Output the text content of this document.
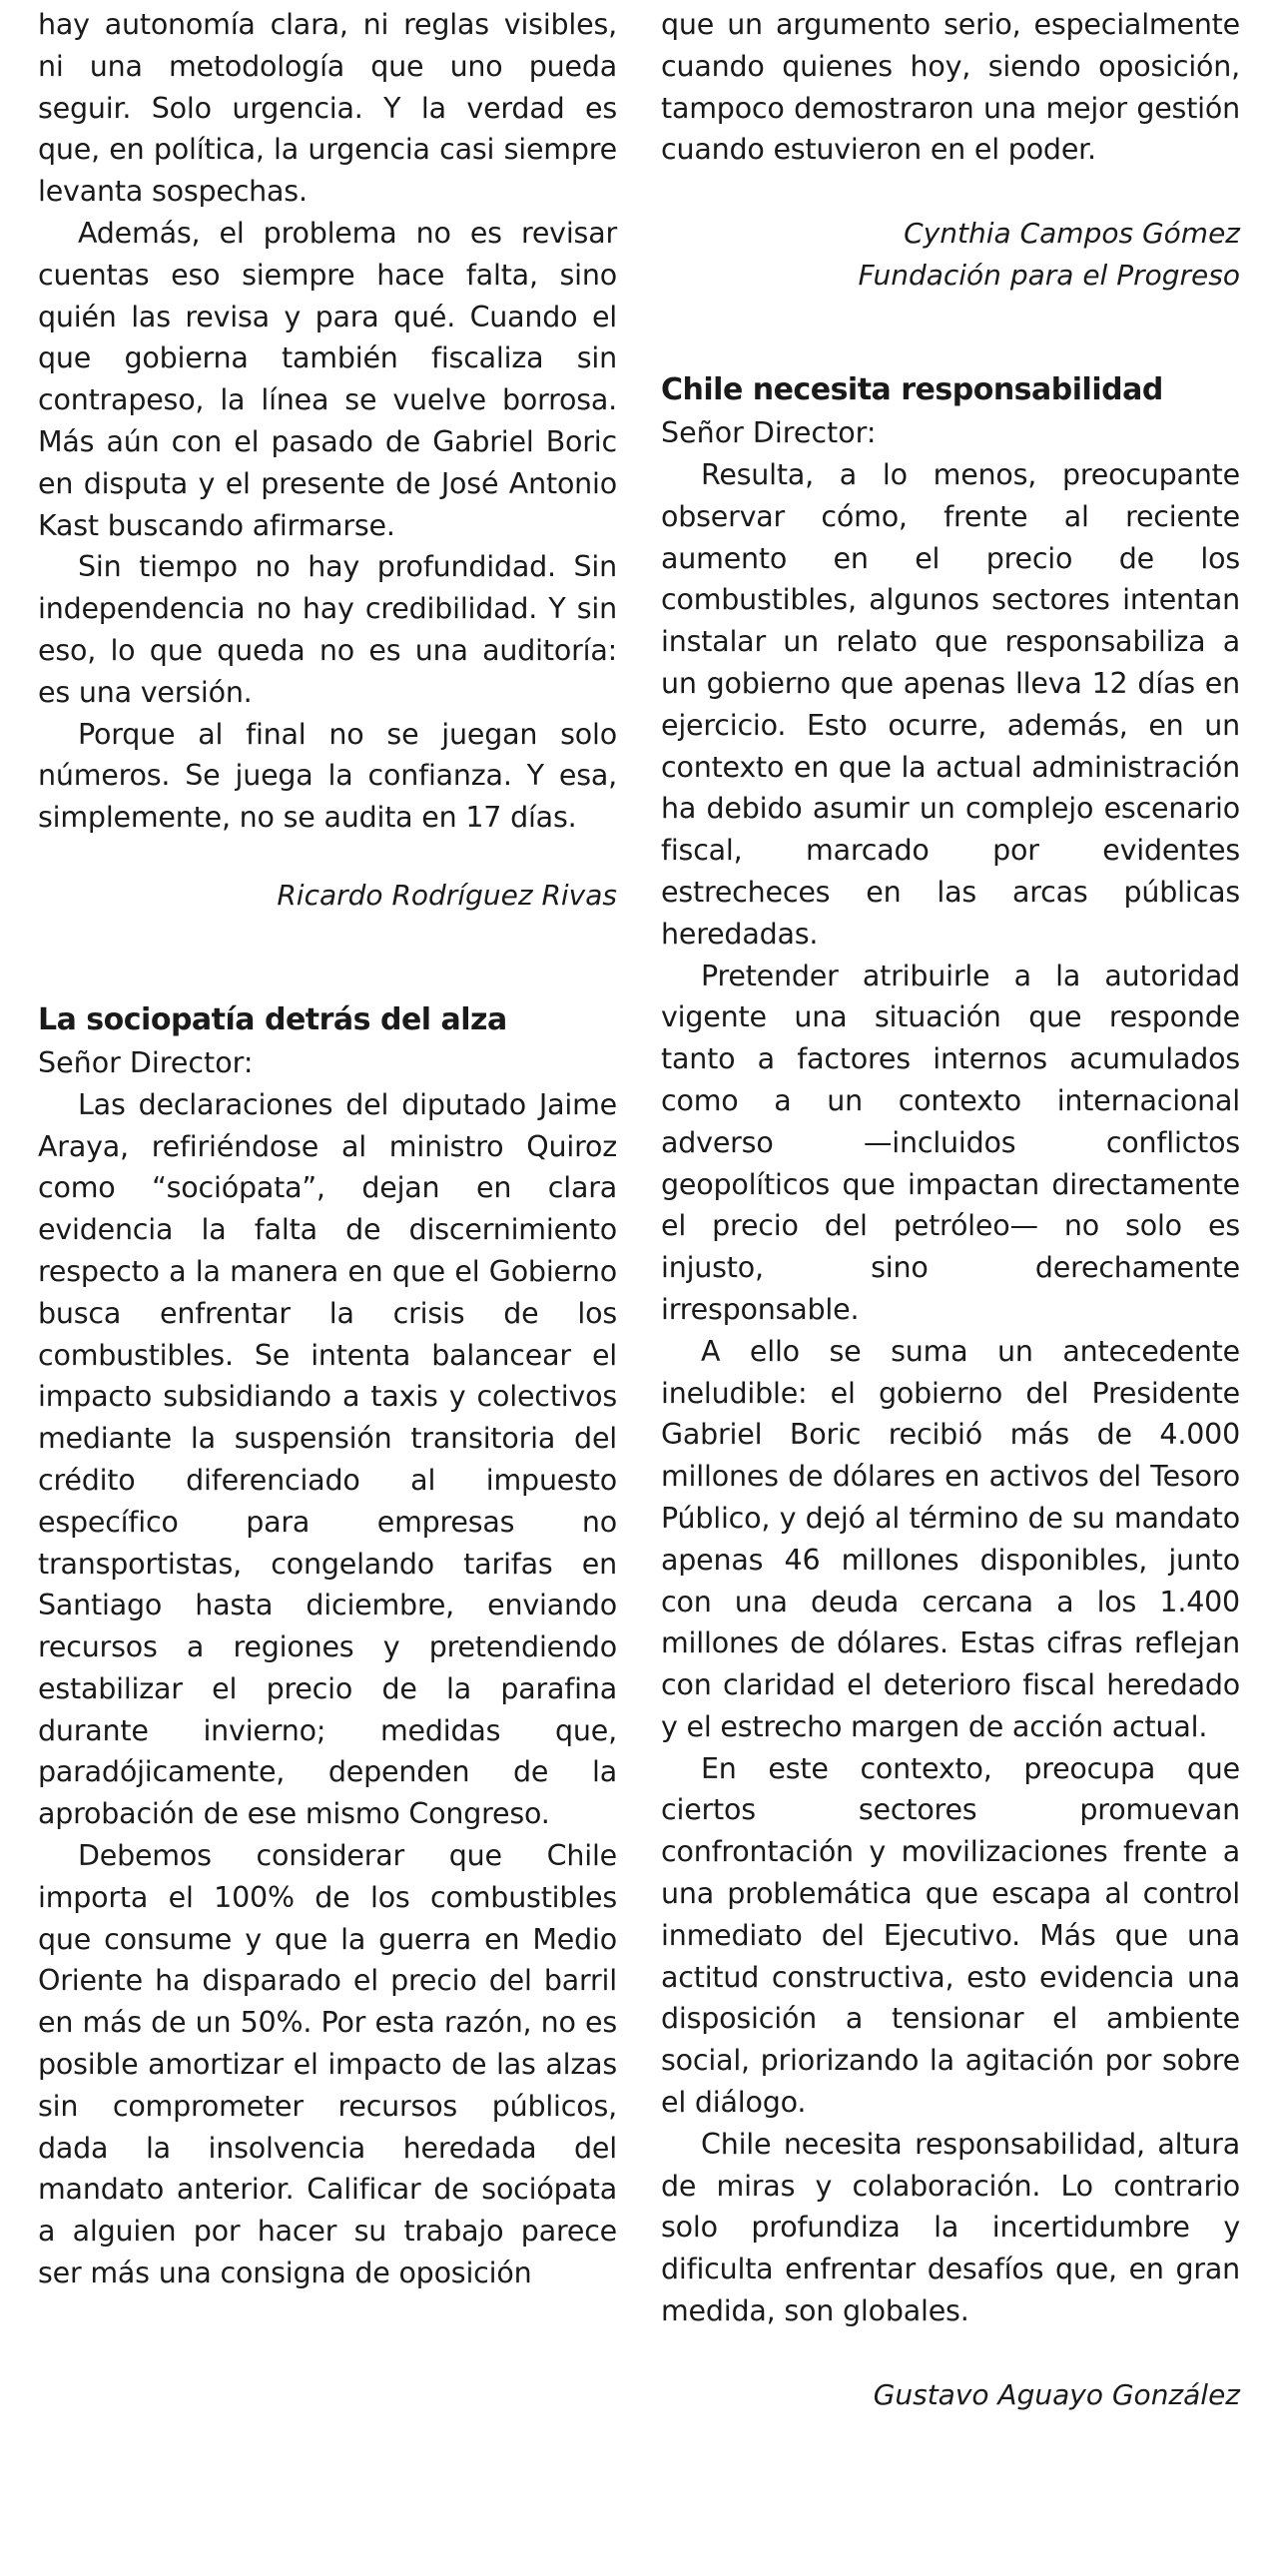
hay autonomía clara, ni reglas visibles, ni una metodología que uno pueda seguir. Solo urgencia. Y la verdad es que, en política, la urgencia casi siempre levanta sospechas.

Además, el problema no es revisar cuentas eso siempre hace falta, sino quién las revisa y para qué. Cuando el que gobierna también fiscaliza sin contrapeso, la línea se vuelve borrosa. Más aún con el pasado de Gabriel Boric en disputa y el presente de José Antonio Kast buscando afirmarse.

Sin tiempo no hay profundidad. Sin independencia no hay credibilidad. Y sin eso, lo que queda no es una auditoría: es una versión.

Porque al final no se juegan solo números. Se juega la confianza. Y esa, simplemente, no se audita en 17 días.

Ricardo Rodríguez Rivas

La sociopatía detrás del alza

Señor Director:

Las declaraciones del diputado Jaime Araya, refiriéndose al ministro Quiroz como “sociópata”, dejan en clara evidencia la falta de discernimiento respecto a la manera en que el Gobierno busca enfrentar la crisis de los combustibles. Se intenta balancear el impacto subsidiando a taxis y colectivos mediante la suspensión transitoria del crédito diferenciado al impuesto específico para empresas no transportistas, congelando tarifas en Santiago hasta diciembre, enviando recursos a regiones y pretendiendo estabilizar el precio de la parafina durante invierno; medidas que, paradójicamente, dependen de la aprobación de ese mismo Congreso.

Debemos considerar que Chile importa el 100% de los combustibles que consume y que la guerra en Medio Oriente ha disparado el precio del barril en más de un 50%. Por esta razón, no es posible amortizar el impacto de las alzas sin comprometer recursos públicos, dada la insolvencia heredada del mandato anterior. Calificar de sociópata a alguien por hacer su trabajo parece ser más una consigna de oposición

que un argumento serio, especialmente cuando quienes hoy, siendo oposición, tampoco demostraron una mejor gestión cuando estuvieron en el poder.

Cynthia Campos Gómez

Fundación para el Progreso

Chile necesita responsabilidad

Señor Director:

Resulta, a lo menos, preocupante observar cómo, frente al reciente aumento en el precio de los combustibles, algunos sectores intentan instalar un relato que responsabiliza a un gobierno que apenas lleva 12 días en ejercicio. Esto ocurre, además, en un contexto en que la actual administración ha debido asumir un complejo escenario fiscal, marcado por evidentes estrecheces en las arcas públicas heredadas.

Pretender atribuirle a la autoridad vigente una situación que responde tanto a factores internos acumulados como a un contexto internacional adverso —incluidos conflictos geopolíticos que impactan directamente el precio del petróleo— no solo es injusto, sino derechamente irresponsable.

A ello se suma un antecedente ineludible: el gobierno del Presidente Gabriel Boric recibió más de 4.000 millones de dólares en activos del Tesoro Público, y dejó al término de su mandato apenas 46 millones disponibles, junto con una deuda cercana a los 1.400 millones de dólares. Estas cifras reflejan con claridad el deterioro fiscal heredado y el estrecho margen de acción actual.

En este contexto, preocupa que ciertos sectores promuevan confrontación y movilizaciones frente a una problemática que escapa al control inmediato del Ejecutivo. Más que una actitud constructiva, esto evidencia una disposición a tensionar el ambiente social, priorizando la agitación por sobre el diálogo.

Chile necesita responsabilidad, altura de miras y colaboración. Lo contrario solo profundiza la incertidumbre y dificulta enfrentar desafíos que, en gran medida, son globales.

Gustavo Aguayo González
